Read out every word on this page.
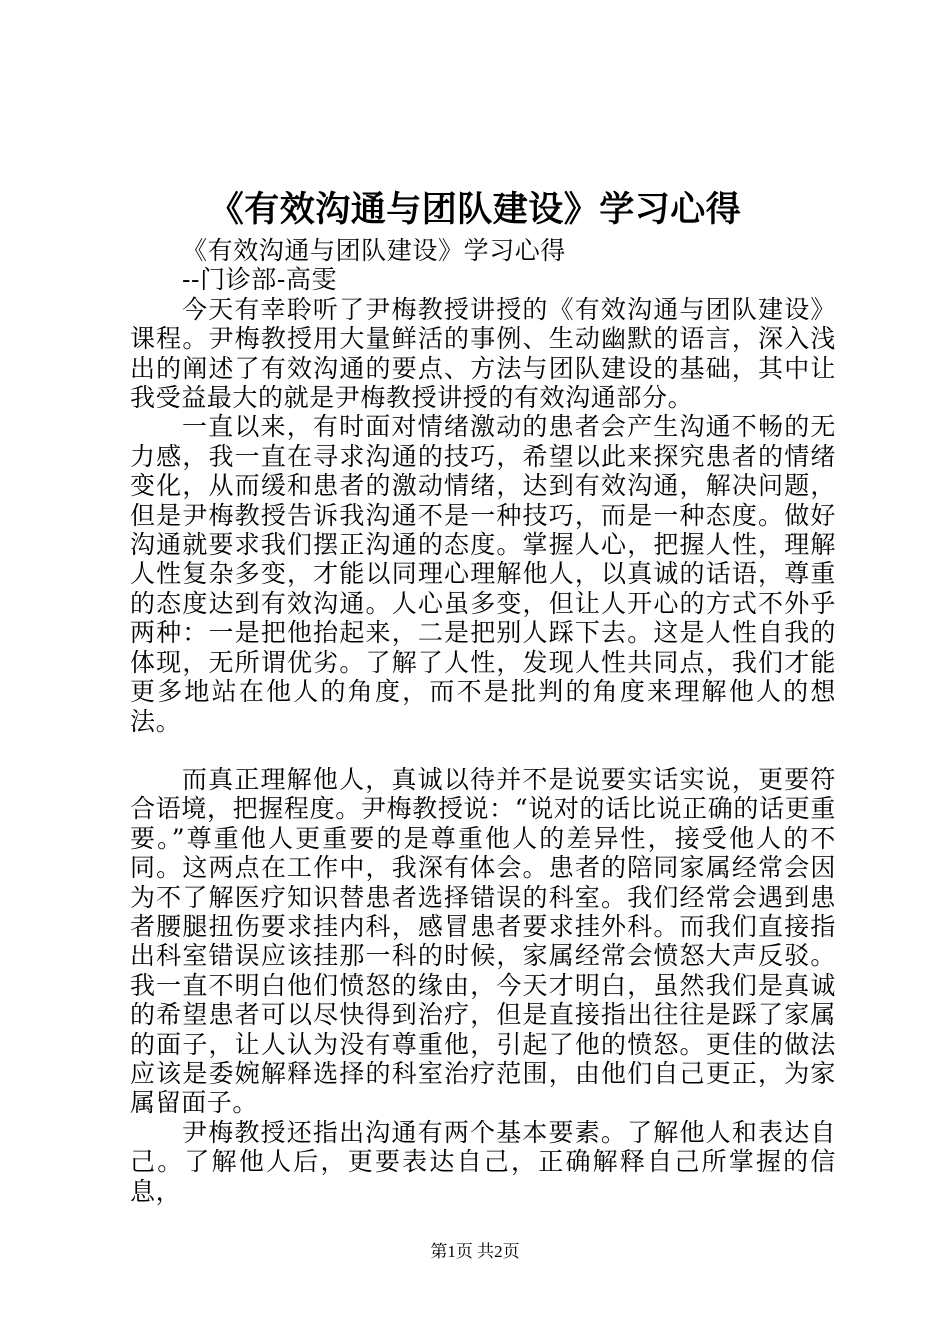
《有效沟通与团队建设》学习心得

《有效沟通与团队建设》学习心得

--门诊部-高雯

今天有幸聆听了尹梅教授讲授的《有效沟通与团队建设》课程。尹梅教授用大量鲜活的事例、生动幽默的语言，深入浅出的阐述了有效沟通的要点、方法与团队建设的基础，其中让我受益最大的就是尹梅教授讲授的有效沟通部分。

一直以来，有时面对情绪激动的患者会产生沟通不畅的无力感，我一直在寻求沟通的技巧，希望以此来探究患者的情绪变化，从而缓和患者的激动情绪，达到有效沟通，解决问题，但是尹梅教授告诉我沟通不是一种技巧，而是一种态度。做好沟通就要求我们摆正沟通的态度。掌握人心，把握人性，理解人性复杂多变，才能以同理心理解他人，以真诚的话语，尊重的态度达到有效沟通。人心虽多变，但让人开心的方式不外乎两种：一是把他抬起来，二是把别人踩下去。这是人性自我的体现，无所谓优劣。了解了人性，发现人性共同点，我们才能更多地站在他人的角度，而不是批判的角度来理解他人的想法。

而真正理解他人，真诚以待并不是说要实话实说，更要符合语境，把握程度。尹梅教授说：“说对的话比说正确的话更重要。”尊重他人更重要的是尊重他人的差异性，接受他人的不同。这两点在工作中，我深有体会。患者的陪同家属经常会因为不了解医疗知识替患者选择错误的科室。我们经常会遇到患者腰腿扭伤要求挂内科，感冒患者要求挂外科。而我们直接指出科室错误应该挂那一科的时候，家属经常会愤怒大声反驳。我一直不明白他们愤怒的缘由，今天才明白，虽然我们是真诚的希望患者可以尽快得到治疗，但是直接指出往往是踩了家属的面子，让人认为没有尊重他，引起了他的愤怒。更佳的做法应该是委婉解释选择的科室治疗范围，由他们自己更正，为家属留面子。

尹梅教授还指出沟通有两个基本要素。了解他人和表达自己。了解他人后，更要表达自己，正确解释自己所掌握的信息，

第1页 共2页
